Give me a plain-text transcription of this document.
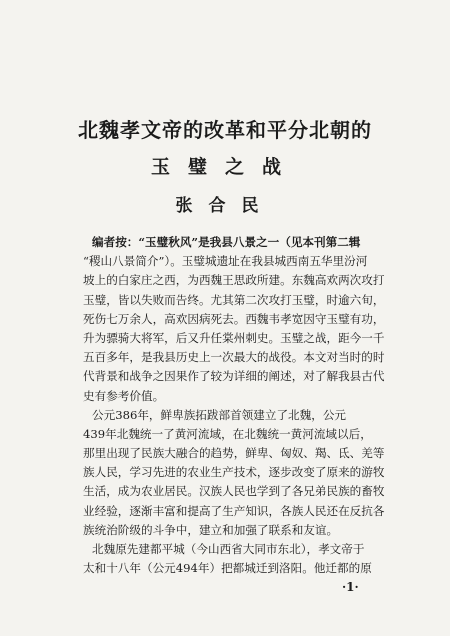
北魏孝文帝的改革和平分北朝的
玉璧之战
张合民
编者按：“玉璧秋风”是我县八景之一（见本刊第二辑
“稷山八景简介”）。玉璧城遗址在我县城西南五华里汾河
坡上的白家庄之西，为西魏王思政所建。东魏高欢两次攻打
玉璧，皆以失败而告终。尤其第二次攻打玉璧，时逾六旬，
死伤七万余人，高欢因病死去。西魏韦孝宽因守玉璧有功，
升为骠骑大将军，后又升任棠州刺史。玉璧之战，距今一千
五百多年，是我县历史上一次最大的战役。本文对当时的时
代背景和战争之因果作了较为详细的阐述，对了解我县古代
史有参考价值。
公元386年，鲜卑族拓跋部首领建立了北魏，公元
439年北魏统一了黄河流域，在北魏统一黄河流域以后，
那里出现了民族大融合的趋势，鲜卑、匈奴、羯、氐、羌等
族人民，学习先进的农业生产技术，逐步改变了原来的游牧
生活，成为农业居民。汉族人民也学到了各兄弟民族的畜牧
业经验，逐渐丰富和提高了生产知识，各族人民还在反抗各
族统治阶级的斗争中，建立和加强了联系和友谊。
北魏原先建都平城（今山西省大同市东北），孝文帝于
太和十八年（公元494年）把都城迁到洛阳。他迁都的原
·1·
